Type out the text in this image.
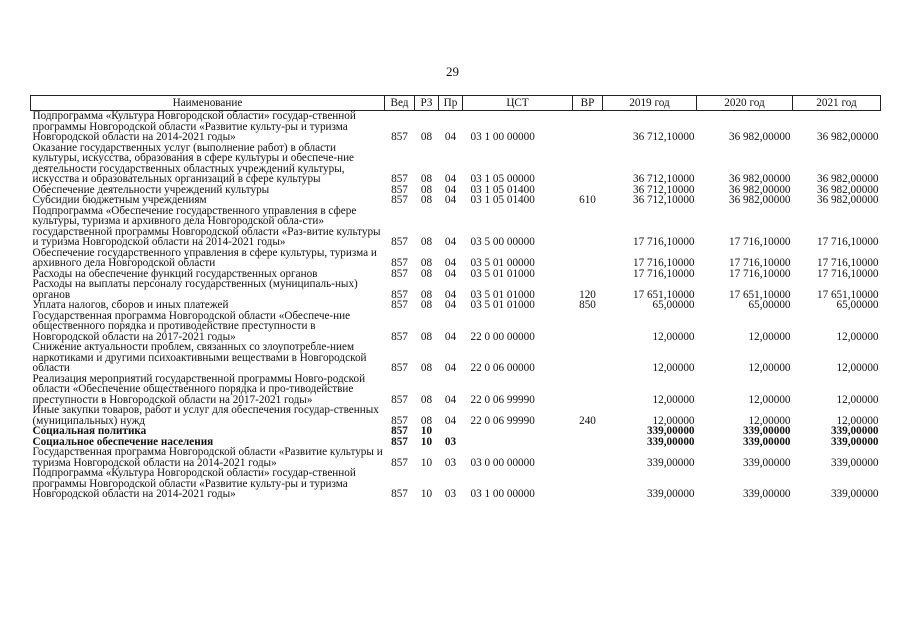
29
Наименование	Вед	РЗ	Пр	ЦСТ	ВР	2019 год	2020 год	2021 год
Подпрограмма «Культура Новгородской области» государ-ственной программы Новгородской области «Развитие культу-ры и туризма Новгородской области на 2014-2021 годы»	857	08	04	03 1 00 00000		36 712,10000	36 982,00000	36 982,00000
Оказание государственных услуг (выполнение работ) в области культуры, искусства, образования в сфере культуры и обеспече-ние деятельности государственных областных учреждений культуры, искусства и образовательных организаций в сфере культуры	857	08	04	03 1 05 00000		36 712,10000	36 982,00000	36 982,00000
Обеспечение деятельности учреждений культуры	857	08	04	03 1 05 01400		36 712,10000	36 982,00000	36 982,00000
Субсидии бюджетным учреждениям	857	08	04	03 1 05 01400	610	36 712,10000	36 982,00000	36 982,00000
Подпрограмма «Обеспечение государственного управления в сфере культуры, туризма и архивного дела Новгородской обла-сти» государственной программы Новгородской области «Раз-витие культуры и туризма Новгородской области на 2014-2021 годы»	857	08	04	03 5 00 00000		17 716,10000	17 716,10000	17 716,10000
Обеспечение государственного управления в сфере культуры, туризма и архивного дела Новгородской области	857	08	04	03 5 01 00000		17 716,10000	17 716,10000	17 716,10000
Расходы на обеспечение функций государственных органов	857	08	04	03 5 01 01000		17 716,10000	17 716,10000	17 716,10000
Расходы на выплаты персоналу государственных (муниципаль-ных) органов	857	08	04	03 5 01 01000	120	17 651,10000	17 651,10000	17 651,10000
Уплата налогов, сборов и иных платежей	857	08	04	03 5 01 01000	850	65,00000	65,00000	65,00000
Государственная программа Новгородской области «Обеспече-ние общественного порядка и противодействие преступности в Новгородской области на 2017-2021 годы»	857	08	04	22 0 00 00000		12,00000	12,00000	12,00000
Снижение актуальности проблем, связанных со злоупотребле-нием наркотиками и другими психоактивными веществами в Новгородской области	857	08	04	22 0 06 00000		12,00000	12,00000	12,00000
Реализация мероприятий государственной программы Новго-родской области «Обеспечение общественного порядка и про-тиводействие преступности в Новгородской области на 2017-2021 годы»	857	08	04	22 0 06 99990		12,00000	12,00000	12,00000
Иные закупки товаров, работ и услуг для обеспечения государ-ственных (муниципальных) нужд	857	08	04	22 0 06 99990	240	12,00000	12,00000	12,00000
Социальная политика	857	10				339,00000	339,00000	339,00000
Социальное обеспечение населения	857	10	03			339,00000	339,00000	339,00000
Государственная программа Новгородской области «Развитие культуры и туризма Новгородской области на 2014-2021 годы»	857	10	03	03 0 00 00000		339,00000	339,00000	339,00000
Подпрограмма «Культура Новгородской области» государ-ственной программы Новгородской области «Развитие культу-ры и туризма Новгородской области на 2014-2021 годы»	857	10	03	03 1 00 00000		339,00000	339,00000	339,00000
